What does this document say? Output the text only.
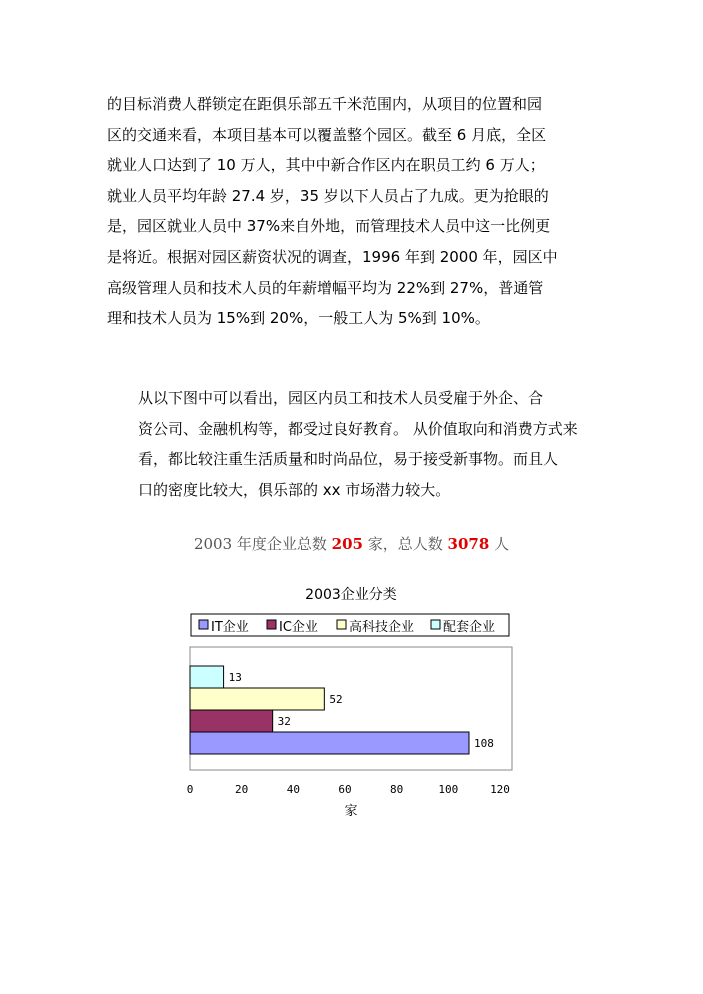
的目标消费人群锁定在距俱乐部五千米范围内，从项目的位置和园
区的交通来看，本项目基本可以覆盖整个园区。截至 6 月底，全区
就业人口达到了 10 万人，其中中新合作区内在职员工约 6 万人；
就业人员平均年龄 27.4 岁，35 岁以下人员占了九成。更为抢眼的
是，园区就业人员中 37%来自外地，而管理技术人员中这一比例更
是将近。根据对园区薪资状况的调查，1996 年到 2000 年，园区中
高级管理人员和技术人员的年薪增幅平均为 22%到 27%，普通管
理和技术人员为 15%到 20%，一般工人为 5%到 10%。
从以下图中可以看出，园区内员工和技术人员受雇于外企、合
资公司、金融机构等，都受过良好教育。 从价值取向和消费方式来
看，都比较注重生活质量和时尚品位，易于接受新事物。而且人
口的密度比较大，俱乐部的 xx 市场潜力较大。
2003 年度企业总数 205 家，总人数 3078 人
2003企业分类
IT企业 IC企业 高科技企业 配套企业
108
32
52
13
0	20	40	60	80	100	120
家
